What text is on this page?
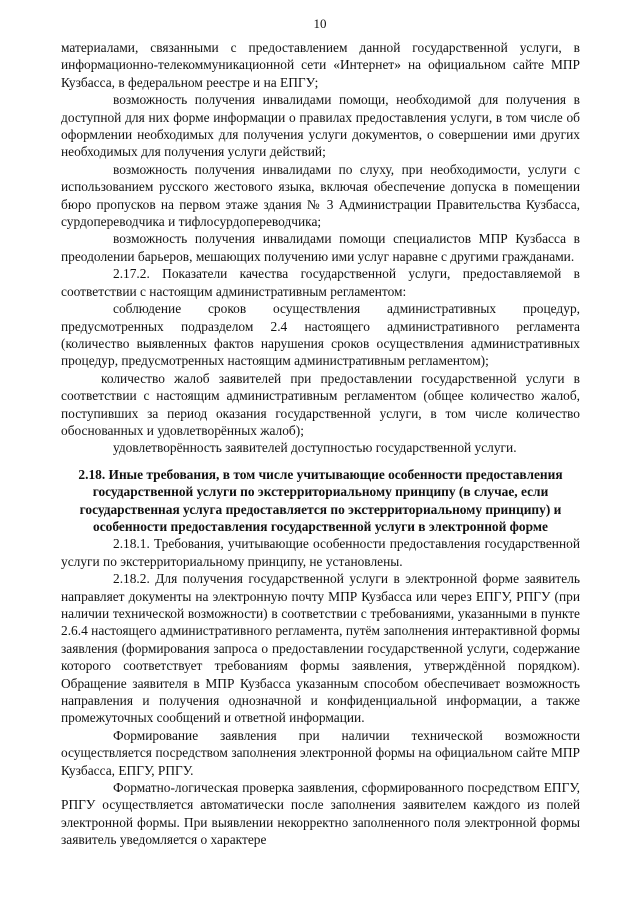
10

материалами, связанными с предоставлением данной государственной услуги, в информационно-телекоммуникационной сети «Интернет» на официальном сайте МПР Кузбасса, в федеральном реестре и на ЕПГУ;

возможность получения инвалидами помощи, необходимой для получения в доступной для них форме информации о правилах предоставления услуги, в том числе об оформлении необходимых для получения услуги документов, о совершении ими других необходимых для получения услуги действий;

возможность получения инвалидами по слуху, при необходимости, услуги с использованием русского жестового языка, включая обеспечение допуска в помещении бюро пропусков на первом этаже здания № 3 Администрации Правительства Кузбасса, сурдопереводчика и тифлосурдопереводчика;

возможность получения инвалидами помощи специалистов МПР Кузбасса в преодолении барьеров, мешающих получению ими услуг наравне с другими гражданами.

2.17.2. Показатели качества государственной услуги, предоставляемой в соответствии с настоящим административным регламентом:

соблюдение сроков осуществления административных процедур, предусмотренных подразделом 2.4 настоящего административного регламента (количество выявленных фактов нарушения сроков осуществления административных процедур, предусмотренных настоящим административным регламентом);

количество жалоб заявителей при предоставлении государственной услуги в соответствии с настоящим административным регламентом (общее количество жалоб, поступивших за период оказания государственной услуги, в том числе количество обоснованных и удовлетворённых жалоб);

удовлетворённость заявителей доступностью государственной услуги.

2.18. Иные требования, в том числе учитывающие особенности предоставления государственной услуги по экстерриториальному принципу (в случае, если государственная услуга предоставляется по экстерриториальному принципу) и особенности предоставления государственной услуги в электронной форме

2.18.1. Требования, учитывающие особенности предоставления государственной услуги по экстерриториальному принципу, не установлены.

2.18.2. Для получения государственной услуги в электронной форме заявитель направляет документы на электронную почту МПР Кузбасса или через ЕПГУ, РПГУ (при наличии технической возможности) в соответствии с требованиями, указанными в пункте 2.6.4 настоящего административного регламента, путём заполнения интерактивной формы заявления (формирования запроса о предоставлении государственной услуги, содержание которого соответствует требованиям формы заявления, утверждённой порядком). Обращение заявителя в МПР Кузбасса указанным способом обеспечивает возможность направления и получения однозначной и конфиденциальной информации, а также промежуточных сообщений и ответной информации.

Формирование заявления при наличии технической возможности осуществляется посредством заполнения электронной формы на официальном сайте МПР Кузбасса, ЕПГУ, РПГУ.

Форматно-логическая проверка заявления, сформированного посредством ЕПГУ, РПГУ осуществляется автоматически после заполнения заявителем каждого из полей электронной формы. При выявлении некорректно заполненного поля электронной формы заявитель уведомляется о характере
